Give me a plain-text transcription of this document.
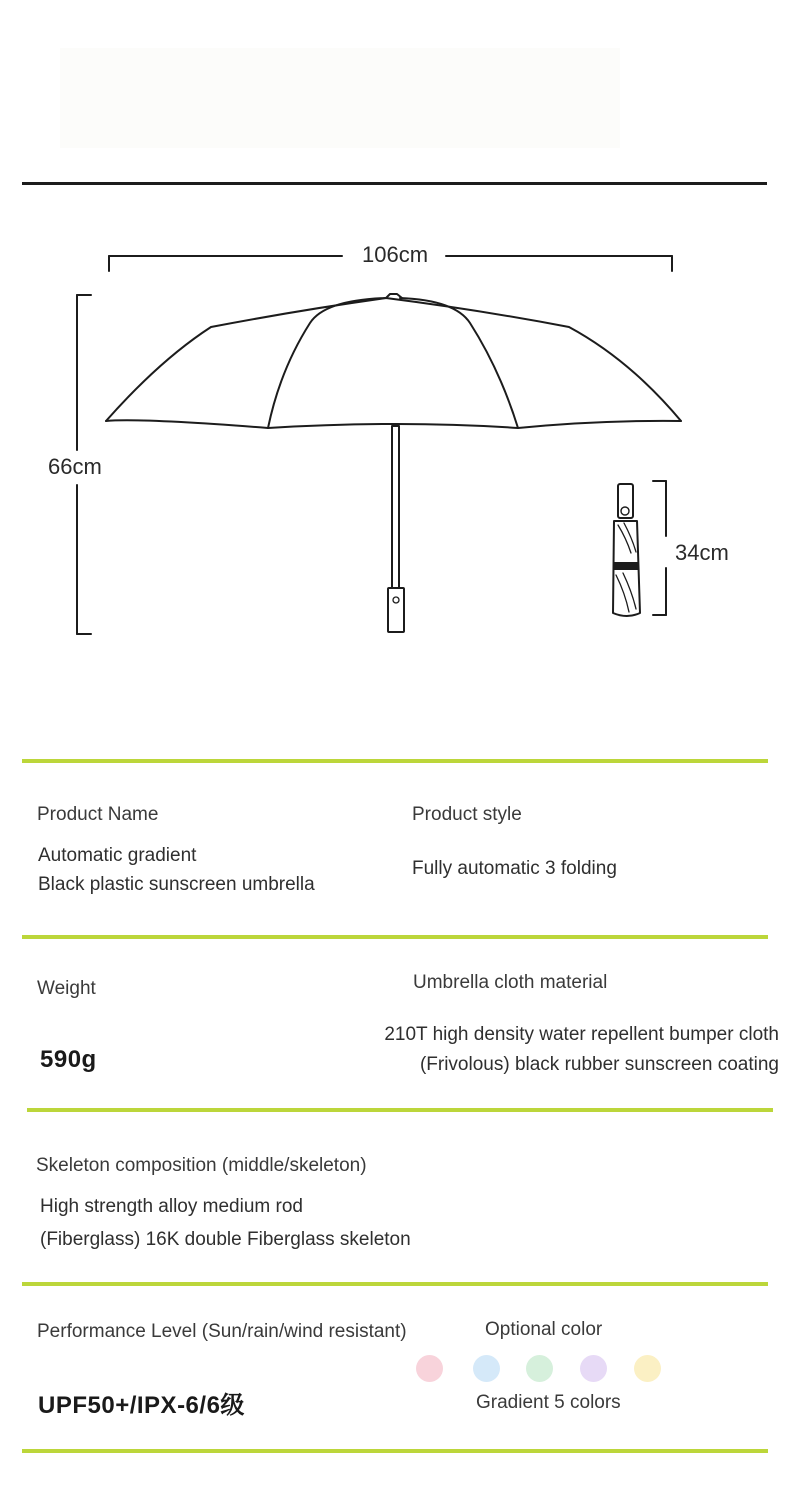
106cm
66cm
34cm
Product Name
Automatic gradient
Black plastic sunscreen umbrella
Product style
Fully automatic 3 folding
Weight
590g
Umbrella cloth material
210T high density water repellent bumper cloth
(Frivolous) black rubber sunscreen coating
Skeleton composition (middle/skeleton)
High strength alloy medium rod
(Fiberglass) 16K double Fiberglass skeleton
Performance Level (Sun/rain/wind resistant)
UPF50+/IPX-6/6级
Optional color
Gradient 5 colors
